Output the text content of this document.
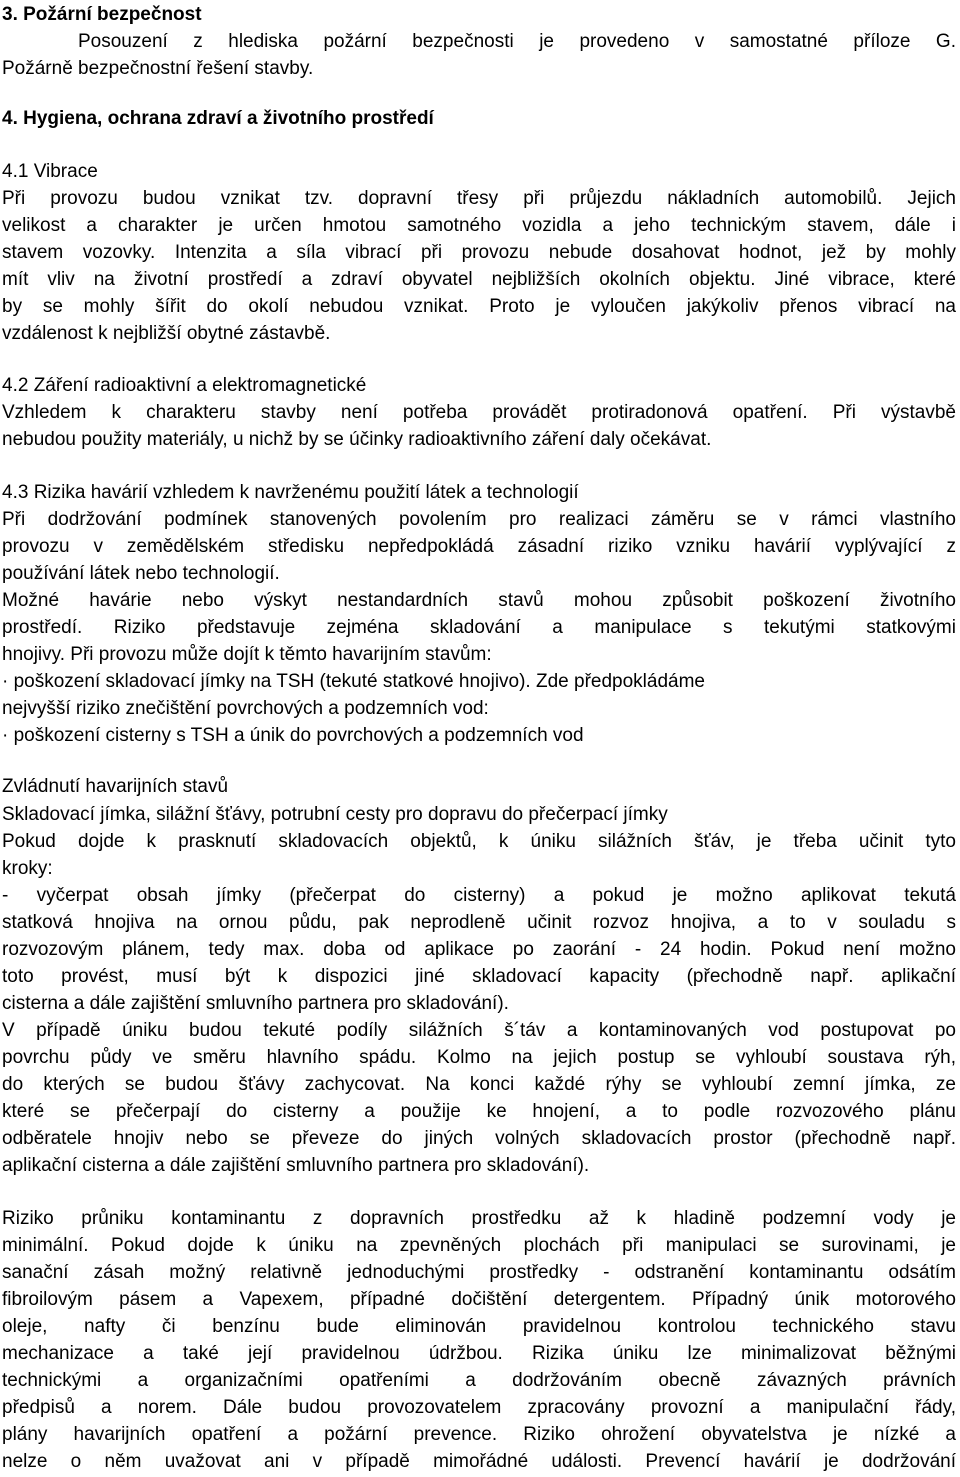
3. Požární bezpečnost
Posouzení z hlediska požární bezpečnosti je provedeno v samostatné příloze G.
Požárně bezpečnostní řešení stavby.
4. Hygiena, ochrana zdraví a životního prostředí
4.1 Vibrace
Při provozu budou vznikat tzv. dopravní třesy při průjezdu nákladních automobilů. Jejich
velikost a charakter je určen hmotou samotného vozidla a jeho technickým stavem, dále i
stavem vozovky. Intenzita a síla vibrací při provozu nebude dosahovat hodnot, jež by mohly
mít vliv na životní prostředí a zdraví obyvatel nejbližších okolních objektu. Jiné vibrace, které
by se mohly šířit do okolí nebudou vznikat. Proto je vyloučen jakýkoliv přenos vibrací na
vzdálenost k nejbližší obytné zástavbě.
4.2 Záření radioaktivní a elektromagnetické
Vzhledem k charakteru stavby není potřeba provádět protiradonová opatření. Při výstavbě
nebudou použity materiály, u nichž by se účinky radioaktivního záření daly očekávat.
4.3 Rizika havárií vzhledem k navrženému použití látek a technologií
Při dodržování podmínek stanovených povolením pro realizaci záměru se v rámci vlastního
provozu v zemědělském středisku nepředpokládá zásadní riziko vzniku havárií vyplývající z
používání látek nebo technologií.
Možné havárie nebo výskyt nestandardních stavů mohou způsobit poškození životního
prostředí. Riziko představuje zejména skladování a manipulace s tekutými statkovými
hnojivy. Při provozu může dojít k těmto havarijním stavům:
· poškození skladovací jímky na TSH (tekuté statkové hnojivo). Zde předpokládáme
nejvyšší riziko znečištění povrchových a podzemních vod:
· poškození cisterny s TSH a únik do povrchových a podzemních vod
Zvládnutí havarijních stavů
Skladovací jímka, silážní šťávy, potrubní cesty pro dopravu do přečerpací jímky
Pokud dojde k prasknutí skladovacích objektů, k úniku silážních šťáv, je třeba učinit tyto
kroky:
- vyčerpat obsah jímky (přečerpat do cisterny) a pokud je možno aplikovat tekutá
statková hnojiva na ornou půdu, pak neprodleně učinit rozvoz hnojiva, a to v souladu s
rozvozovým plánem, tedy max. doba od aplikace po zaorání - 24 hodin. Pokud není možno
toto provést, musí být k dispozici jiné skladovací kapacity (přechodně např. aplikační
cisterna a dále zajištění smluvního partnera pro skladování).
V případě úniku budou tekuté podíly silážních š´táv a kontaminovaných vod postupovat po
povrchu půdy ve směru hlavního spádu. Kolmo na jejich postup se vyhloubí soustava rýh,
do kterých se budou šťávy zachycovat. Na konci každé rýhy se vyhloubí zemní jímka, ze
které se přečerpají do cisterny a použije ke hnojení, a to podle rozvozového plánu
odběratele hnojiv nebo se převeze do jiných volných skladovacích prostor (přechodně např.
aplikační cisterna a dále zajištění smluvního partnera pro skladování).
Riziko průniku kontaminantu z dopravních prostředku až k hladině podzemní vody je
minimální. Pokud dojde k úniku na zpevněných plochách při manipulaci se surovinami, je
sanační zásah možný relativně jednoduchými prostředky - odstranění kontaminantu odsátím
fibroilovým pásem a Vapexem, případné dočištění detergentem. Případný únik motorového
oleje, nafty či benzínu bude eliminován pravidelnou kontrolou technického stavu
mechanizace a také její pravidelnou údržbou. Rizika úniku lze minimalizovat běžnými
technickými a organizačními opatřeními a dodržováním obecně závazných právních
předpisů a norem. Dále budou provozovatelem zpracovány provozní a manipulační řády,
plány havarijních opatření a požární prevence. Riziko ohrožení obyvatelstva je nízké a
nelze o něm uvažovat ani v případě mimořádné události. Prevencí havárií je dodržování
